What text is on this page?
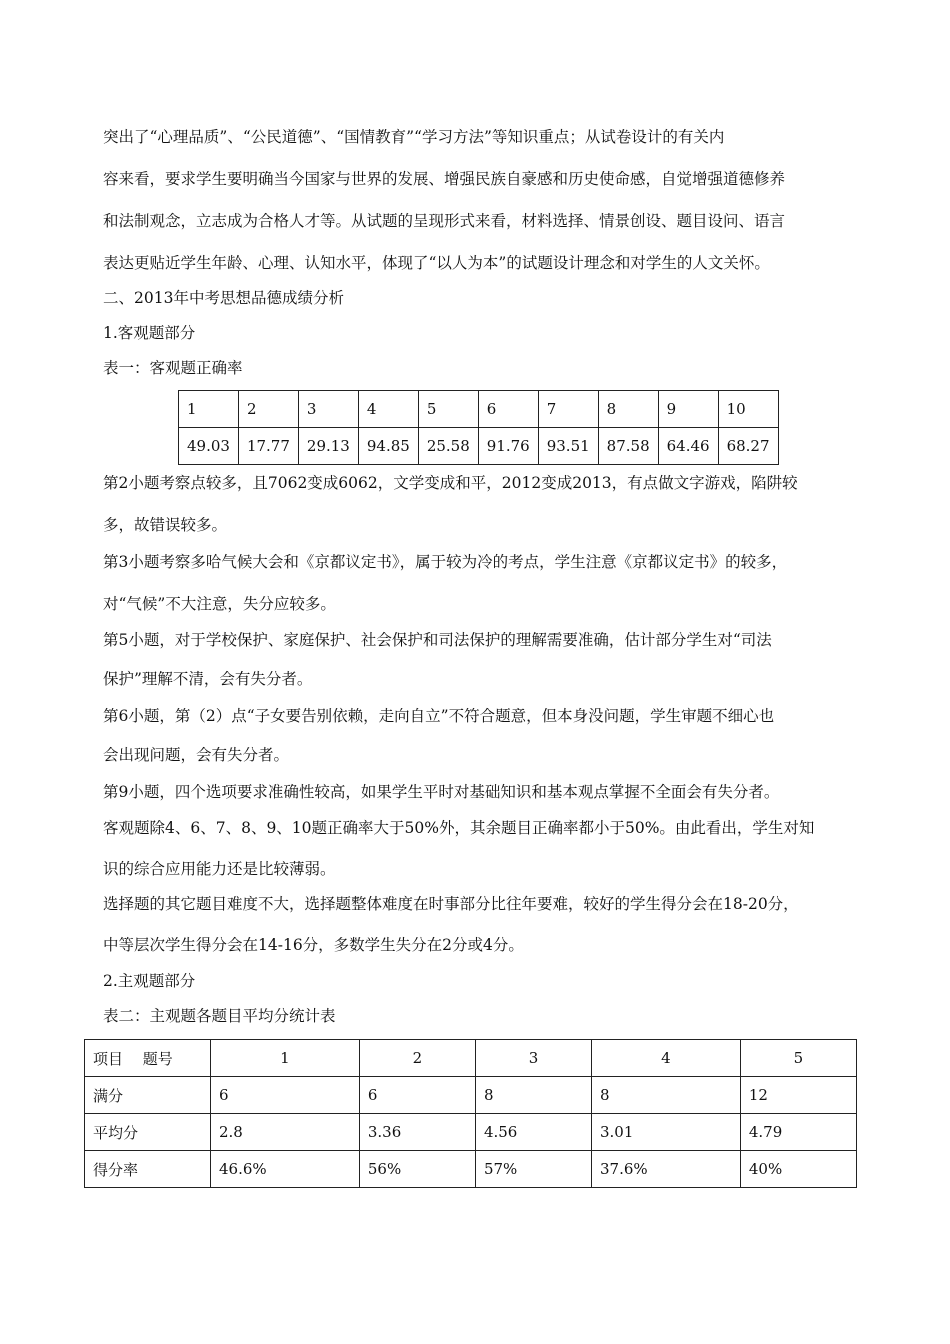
突出了“心理品质”、“公民道德”、“国情教育”“学习方法”等知识重点；从试卷设计的有关内
容来看，要求学生要明确当今国家与世界的发展、增强民族自豪感和历史使命感，自觉增强道德修养
和法制观念，立志成为合格人才等。从试题的呈现形式来看，材料选择、情景创设、题目设问、语言
表达更贴近学生年龄、心理、认知水平，体现了“以人为本”的试题设计理念和对学生的人文关怀。
二、2013年中考思想品德成绩分析
1.客观题部分
表一：客观题正确率
1	2	3	4	5	6	7	8	9	10
49.03	17.77	29.13	94.85	25.58	91.76	93.51	87.58	64.46	68.27
第2小题考察点较多，且7062变成6062，文学变成和平，2012变成2013，有点做文字游戏，陷阱较
多，故错误较多。
第3小题考察多哈气候大会和《京都议定书》，属于较为冷的考点，学生注意《京都议定书》的较多，
对“气候”不大注意，失分应较多。
第5小题，对于学校保护、家庭保护、社会保护和司法保护的理解需要准确，估计部分学生对“司法
保护”理解不清，会有失分者。
第6小题，第（2）点“子女要告别依赖，走向自立”不符合题意，但本身没问题，学生审题不细心也
会出现问题，会有失分者。
第9小题，四个选项要求准确性较高，如果学生平时对基础知识和基本观点掌握不全面会有失分者。
客观题除4、6、7、8、9、10题正确率大于50%外，其余题目正确率都小于50%。由此看出，学生对知
识的综合应用能力还是比较薄弱。
选择题的其它题目难度不大，选择题整体难度在时事部分比往年要难，较好的学生得分会在18-20分，
中等层次学生得分会在14-16分，多数学生失分在2分或4分。
2.主观题部分
表二：主观题各题目平均分统计表
项目　 题号	1	2	3	4	5
满分	6	6	8	8	12
平均分	2.8	3.36	4.56	3.01	4.79
得分率	46.6%	56%	57%	37.6%	40%
